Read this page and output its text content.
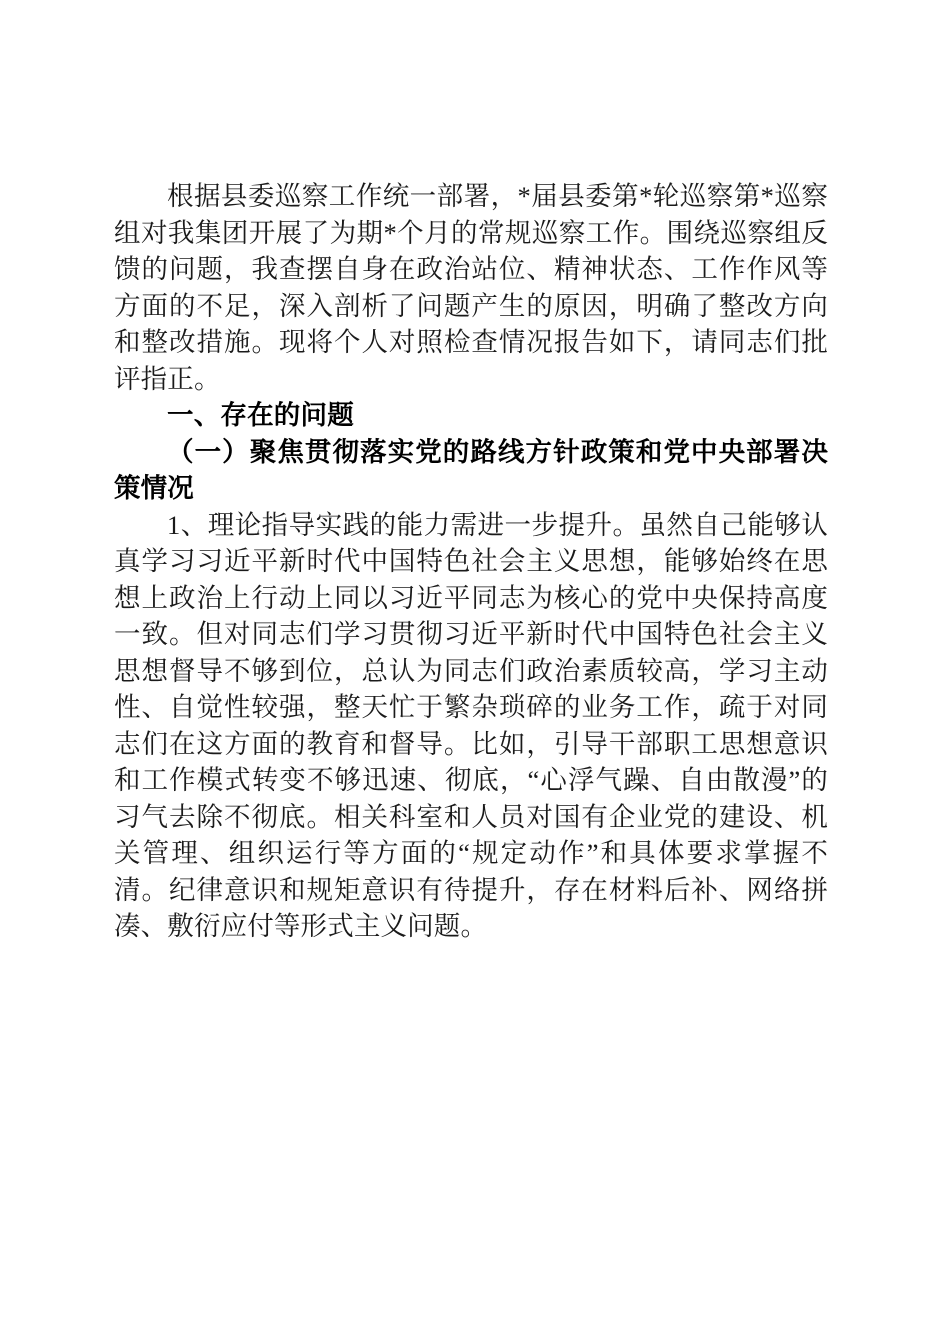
根据县委巡察工作统一部署，*届县委第*轮巡察第*巡察组对我集团开展了为期*个月的常规巡察工作。围绕巡察组反馈的问题，我查摆自身在政治站位、精神状态、工作作风等方面的不足，深入剖析了问题产生的原因，明确了整改方向和整改措施。现将个人对照检查情况报告如下，请同志们批评指正。

一、存在的问题
（一）聚焦贯彻落实党的路线方针政策和党中央部署决策情况

1、理论指导实践的能力需进一步提升。虽然自己能够认真学习习近平新时代中国特色社会主义思想，能够始终在思想上政治上行动上同以习近平同志为核心的党中央保持高度一致。但对同志们学习贯彻习近平新时代中国特色社会主义思想督导不够到位，总认为同志们政治素质较高，学习主动性、自觉性较强，整天忙于繁杂琐碎的业务工作，疏于对同志们在这方面的教育和督导。比如，引导干部职工思想意识和工作模式转变不够迅速、彻底，“心浮气躁、自由散漫”的习气去除不彻底。相关科室和人员对国有企业党的建设、机关管理、组织运行等方面的“规定动作”和具体要求掌握不清。纪律意识和规矩意识有待提升，存在材料后补、网络拼凑、敷衍应付等形式主义问题。
